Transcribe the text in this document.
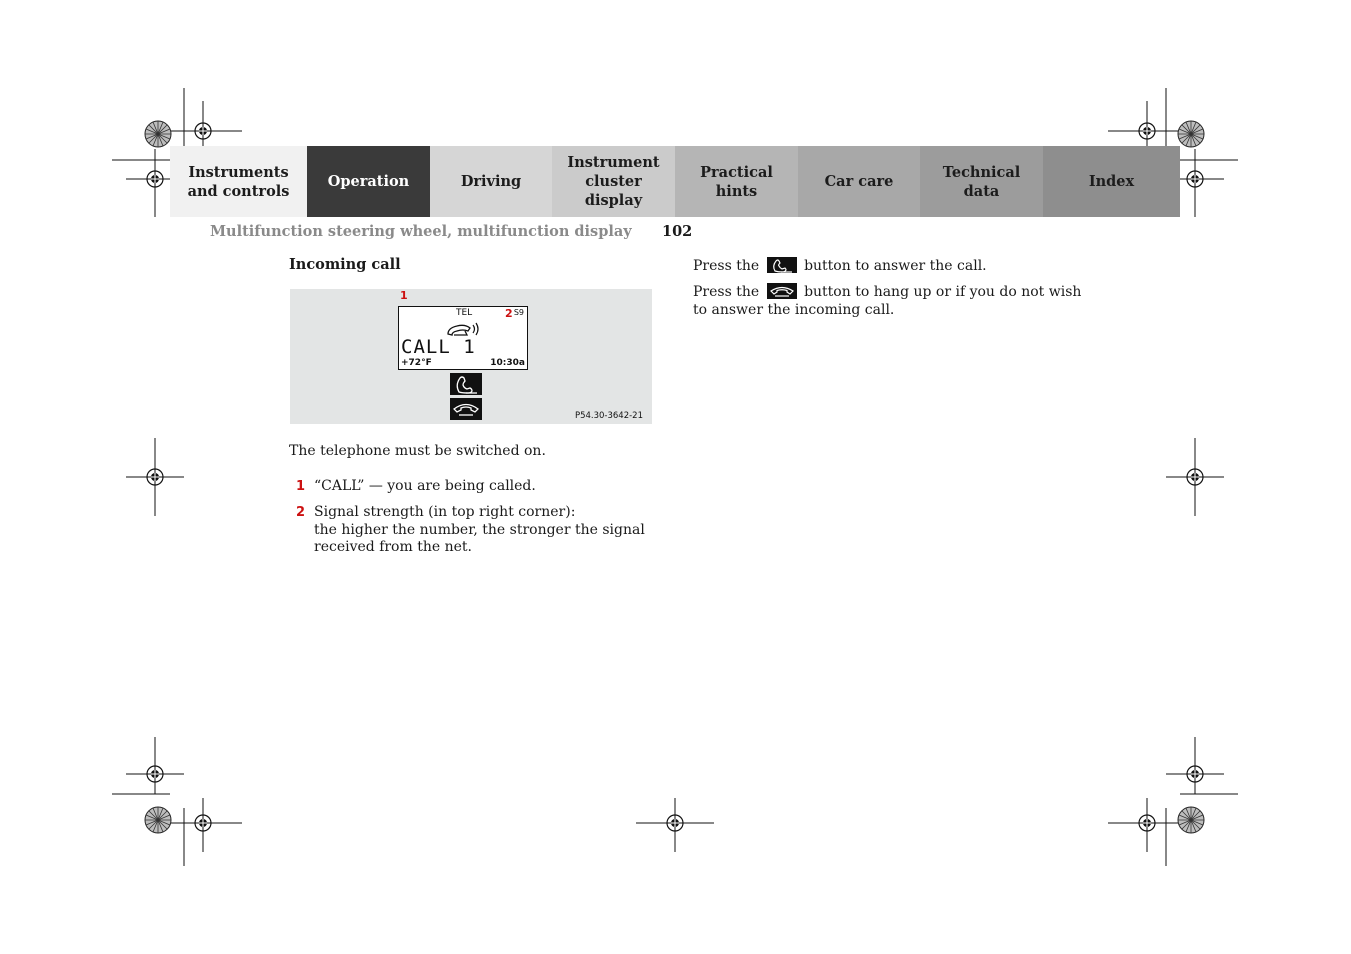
Instruments
and controls
Operation	Driving
Instrument
cluster display
Practical hints
Car care
Technical
data
Index
Multifunction steering wheel, multifunction display 102
Incoming call
1
TEL	2 S9
CALL 1
+72°F	10:30a
P54.30-3642-21
The telephone must be switched on.
1 “CALL” — you are being called.
2 Signal strength (in top right corner):
the higher the number, the stronger the signal
received from the net.
Press the	button to answer the call.
Press the	button to hang up or if you do not wish
to answer the incoming call.
